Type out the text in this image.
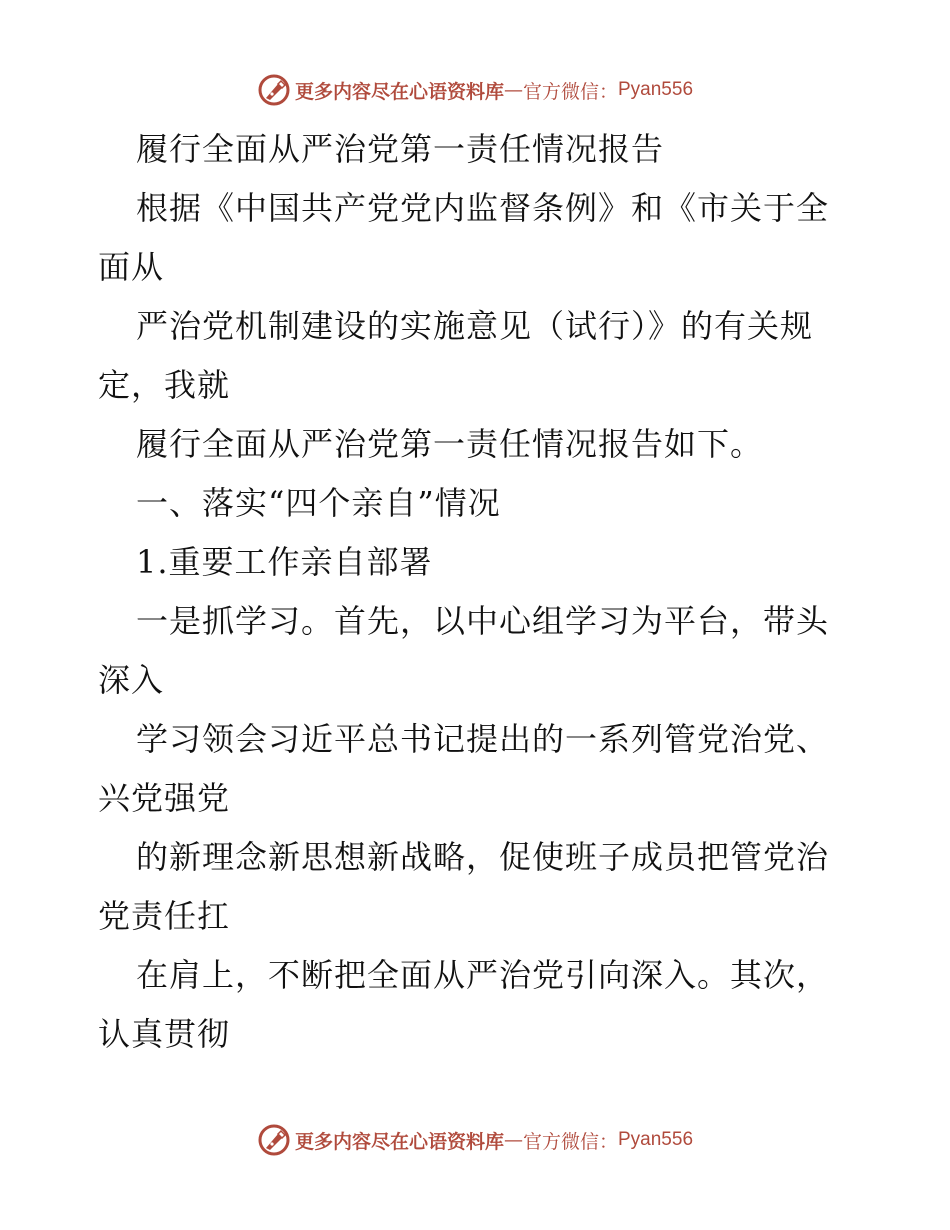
更多内容尽在心语资料库 — 官方微信： Pyan556
履行全面从严治党第一责任情况报告
根据《中国共产党党内监督条例》和《市关于全
面从
严治党机制建设的实施意见（试行）》的有关规
定，我就
履行全面从严治党第一责任情况报告如下。
一、落实“四个亲自”情况
1.重要工作亲自部署
一是抓学习。首先，以中心组学习为平台，带头
深入
学习领会习近平总书记提出的一系列管党治党、
兴党强党
的新理念新思想新战略，促使班子成员把管党治
党责任扛
在肩上，不断把全面从严治党引向深入。其次，
认真贯彻
更多内容尽在心语资料库 — 官方微信： Pyan556
